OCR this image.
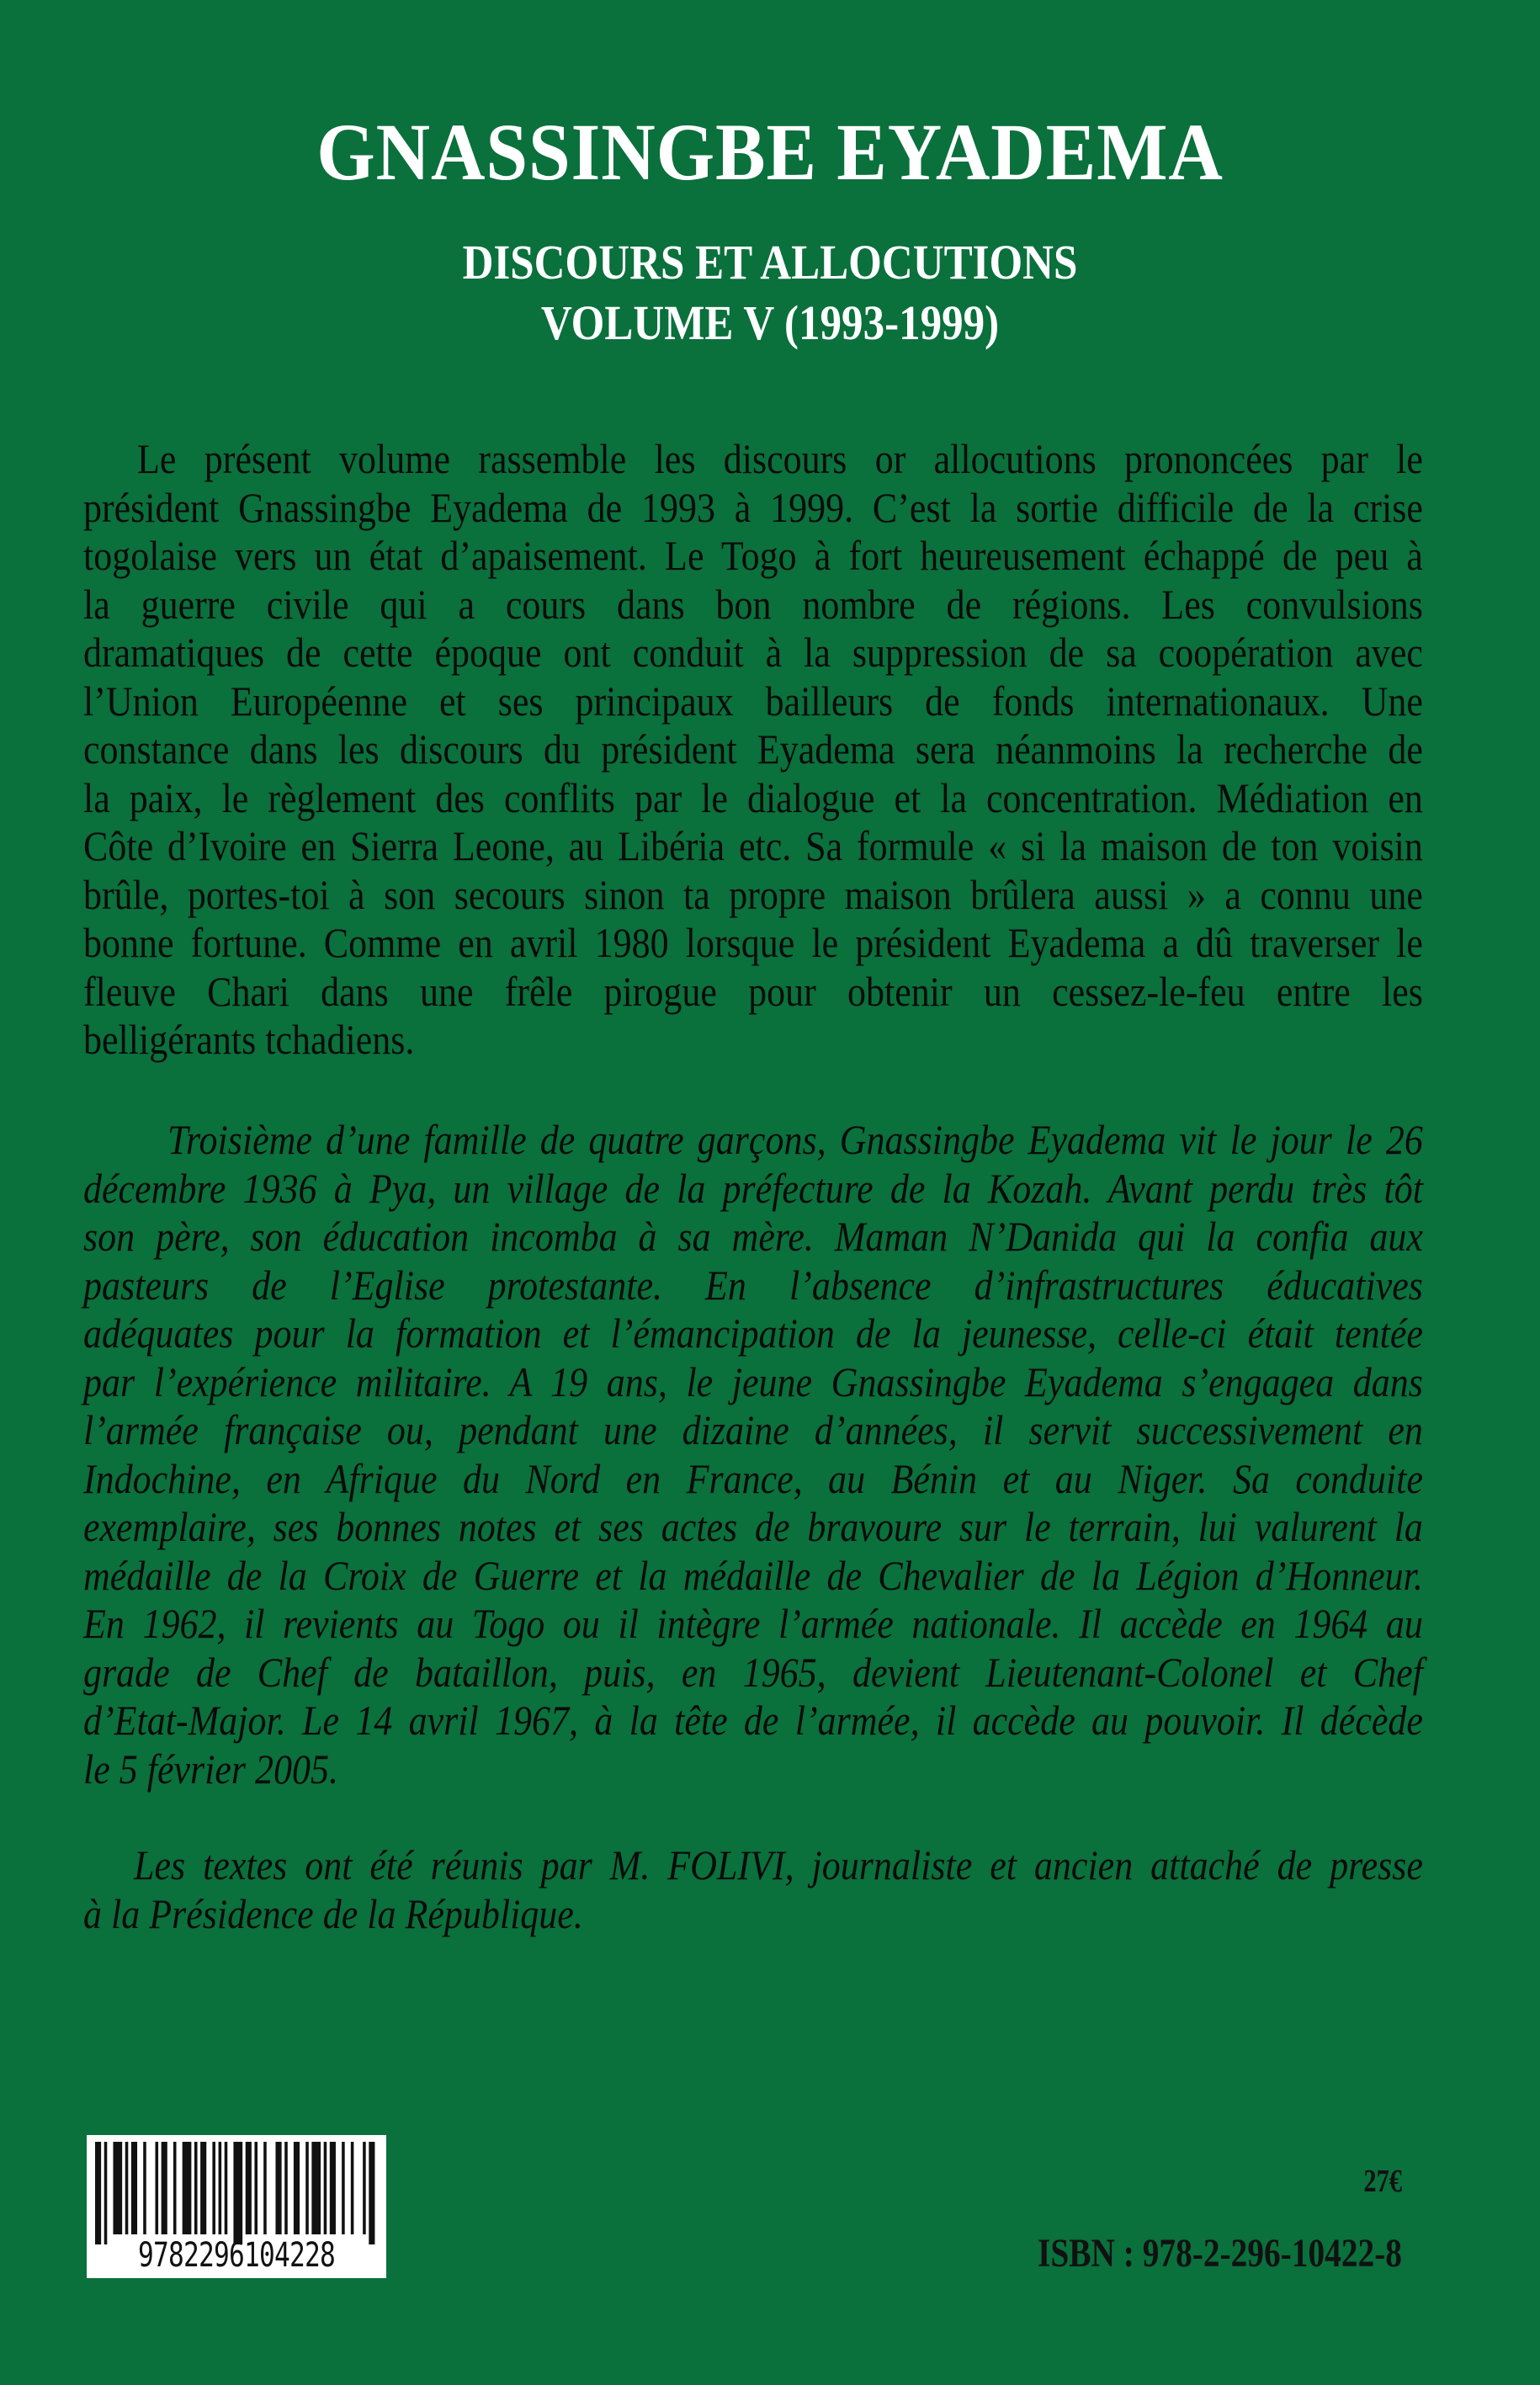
GNASSINGBE EYADEMA
DISCOURS ET ALLOCUTIONS
VOLUME V (1993-1999)
Le présent volume rassemble les discours or allocutions prononcées par le
président Gnassingbe Eyadema de 1993 à 1999. C’est la sortie difficile de la crise
togolaise vers un état d’apaisement. Le Togo à fort heureusement échappé de peu à
la guerre civile qui a cours dans bon nombre de régions. Les convulsions
dramatiques de cette époque ont conduit à la suppression de sa coopération avec
l’Union Européenne et ses principaux bailleurs de fonds internationaux. Une
constance dans les discours du président Eyadema sera néanmoins la recherche de
la paix, le règlement des conflits par le dialogue et la concentration. Médiation en
Côte d’Ivoire en Sierra Leone, au Libéria etc. Sa formule « si la maison de ton voisin
brûle, portes-toi à son secours sinon ta propre maison brûlera aussi » a connu une
bonne fortune. Comme en avril 1980 lorsque le président Eyadema a dû traverser le
fleuve Chari dans une frêle pirogue pour obtenir un cessez-le-feu entre les
belligérants tchadiens.
Troisième d’une famille de quatre garçons, Gnassingbe Eyadema vit le jour le 26
décembre 1936 à Pya, un village de la préfecture de la Kozah. Avant perdu très tôt
son père, son éducation incomba à sa mère. Maman N’Danida qui la confia aux
pasteurs de l’Eglise protestante. En l’absence d’infrastructures éducatives
adéquates pour la formation et l’émancipation de la jeunesse, celle-ci était tentée
par l’expérience militaire. A 19 ans, le jeune Gnassingbe Eyadema s’engagea dans
l’armée française ou, pendant une dizaine d’années, il servit successivement en
Indochine, en Afrique du Nord en France, au Bénin et au Niger. Sa conduite
exemplaire, ses bonnes notes et ses actes de bravoure sur le terrain, lui valurent la
médaille de la Croix de Guerre et la médaille de Chevalier de la Légion d’Honneur.
En 1962, il revients au Togo ou il intègre l’armée nationale. Il accède en 1964 au
grade de Chef de bataillon, puis, en 1965, devient Lieutenant-Colonel et Chef
d’Etat-Major. Le 14 avril 1967, à la tête de l’armée, il accède au pouvoir. Il décède
le 5 février 2005.
Les textes ont été réunis par M. FOLIVI, journaliste et ancien attaché de presse
à la Présidence de la République.
9782296104228
27€
ISBN : 978-2-296-10422-8
